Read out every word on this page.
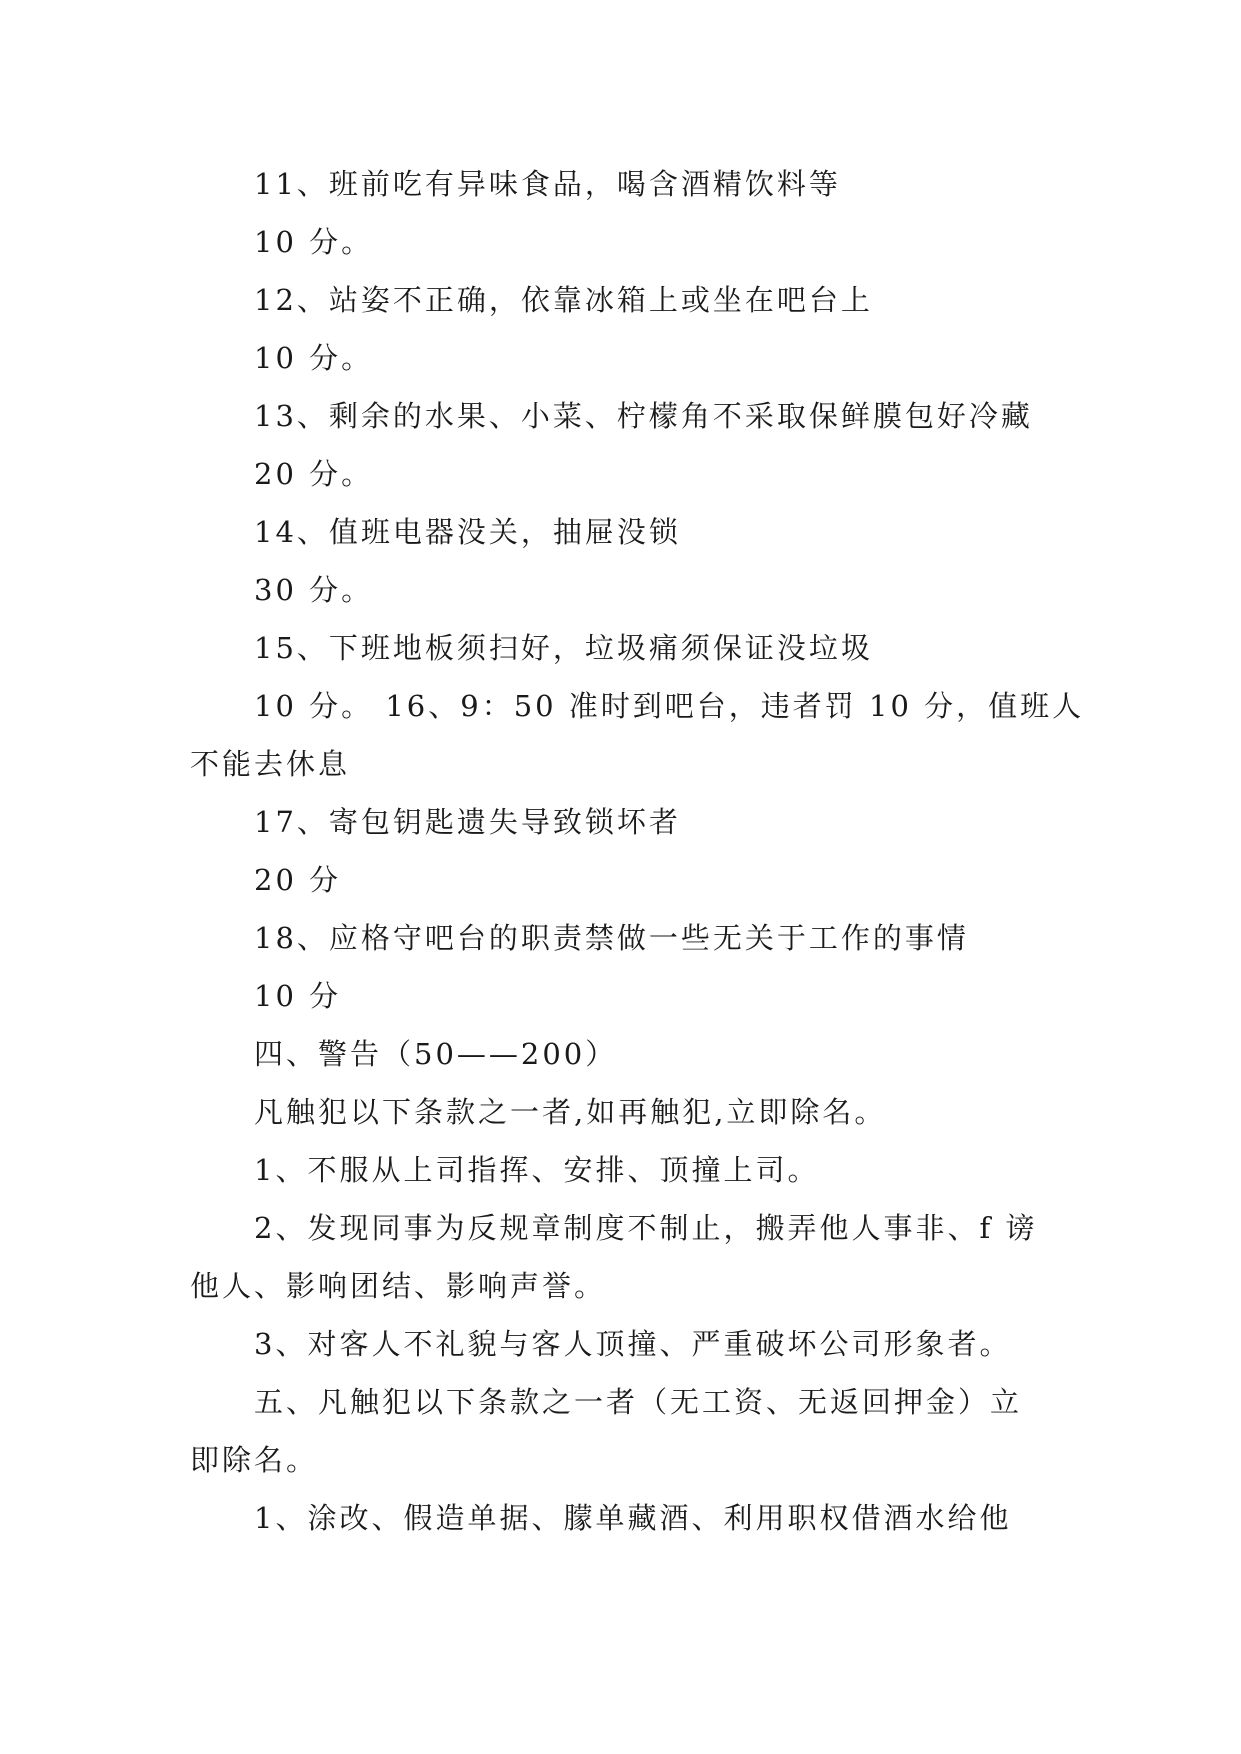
11、班前吃有异味食品，喝含酒精饮料等
10 分。
12、站姿不正确，依靠冰箱上或坐在吧台上
10 分。
13、剩余的水果、小菜、柠檬角不采取保鲜膜包好冷藏
20 分。
14、值班电器没关，抽屉没锁
30 分。
15、下班地板须扫好，垃圾痛须保证没垃圾
10 分。 16、9：50 准时到吧台，违者罚 10 分，值班人
不能去休息
17、寄包钥匙遗失导致锁坏者
20 分
18、应格守吧台的职责禁做一些无关于工作的事情
10 分
四、警告（50——200）
凡触犯以下条款之一者,如再触犯,立即除名。
1、不服从上司指挥、安排、顶撞上司。
2、发现同事为反规章制度不制止，搬弄他人事非、f 谤
他人、影响团结、影响声誉。
3、对客人不礼貌与客人顶撞、严重破坏公司形象者。
五、凡触犯以下条款之一者（无工资、无返回押金）立
即除名。
1、涂改、假造单据、朦单藏酒、利用职权借酒水给他
